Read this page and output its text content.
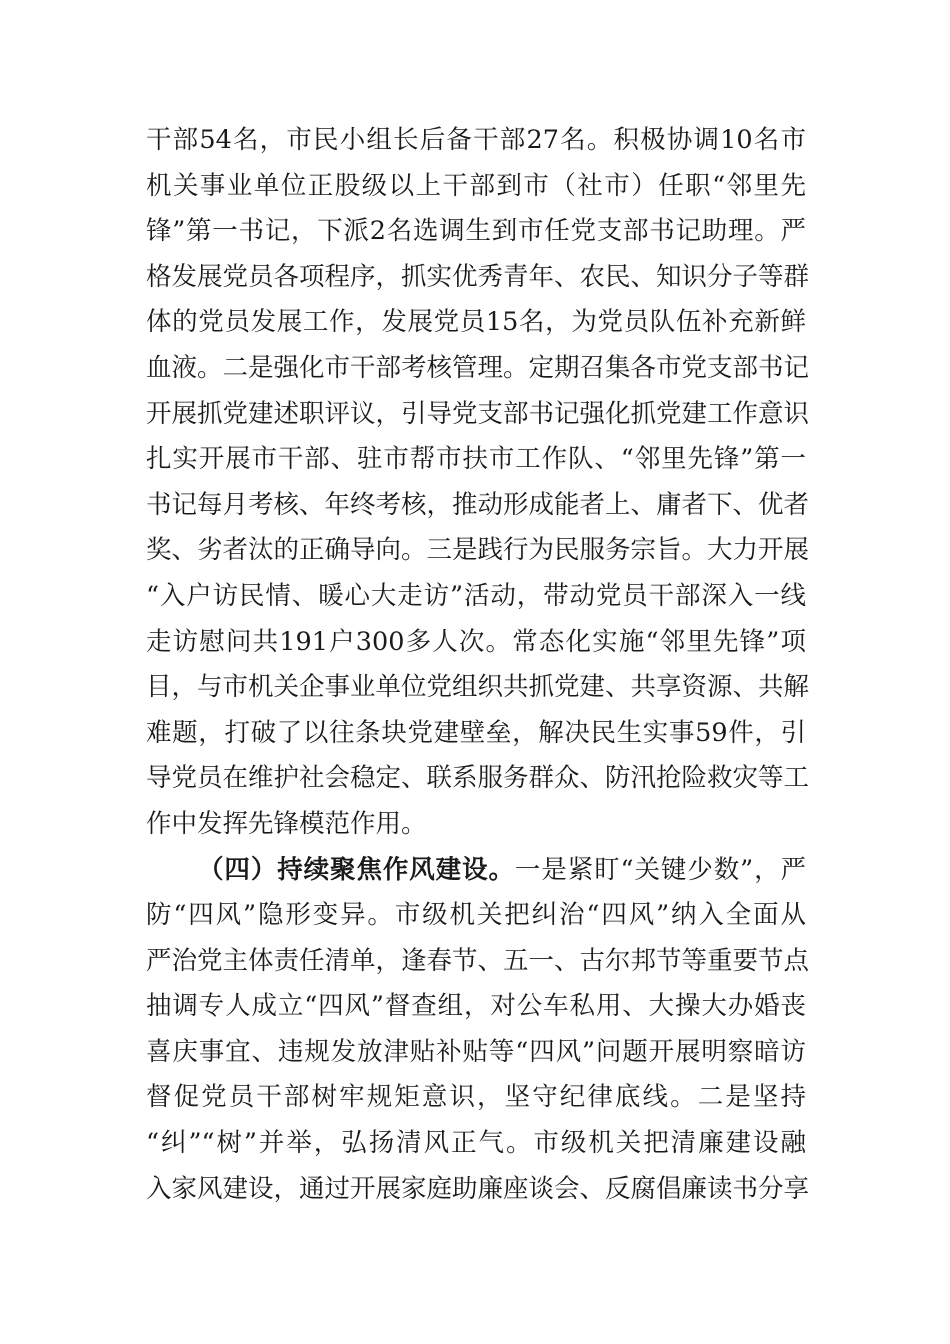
干部54名，市民小组长后备干部27名。积极协调10名市
机关事业单位正股级以上干部到市（社市）任职“邻里先
锋”第一书记，下派2名选调生到市任党支部书记助理。严
格发展党员各项程序，抓实优秀青年、农民、知识分子等群
体的党员发展工作，发展党员15名，为党员队伍补充新鲜
血液。二是强化市干部考核管理。定期召集各市党支部书记
开展抓党建述职评议，引导党支部书记强化抓党建工作意识
扎实开展市干部、驻市帮市扶市工作队、“邻里先锋”第一
书记每月考核、年终考核，推动形成能者上、庸者下、优者
奖、劣者汰的正确导向。三是践行为民服务宗旨。大力开展
“入户访民情、暖心大走访”活动，带动党员干部深入一线
走访慰问共191户300多人次。常态化实施“邻里先锋”项
目，与市机关企事业单位党组织共抓党建、共享资源、共解
难题，打破了以往条块党建壁垒，解决民生实事59件，引
导党员在维护社会稳定、联系服务群众、防汛抢险救灾等工
作中发挥先锋模范作用。
（四）持续聚焦作风建设。一是紧盯“关键少数”，严
防“四风”隐形变异。市级机关把纠治“四风”纳入全面从
严治党主体责任清单，逢春节、五一、古尔邦节等重要节点
抽调专人成立“四风”督查组，对公车私用、大操大办婚丧
喜庆事宜、违规发放津贴补贴等“四风”问题开展明察暗访
督促党员干部树牢规矩意识，坚守纪律底线。二是坚持
“纠”“树”并举，弘扬清风正气。市级机关把清廉建设融
入家风建设，通过开展家庭助廉座谈会、反腐倡廉读书分享
